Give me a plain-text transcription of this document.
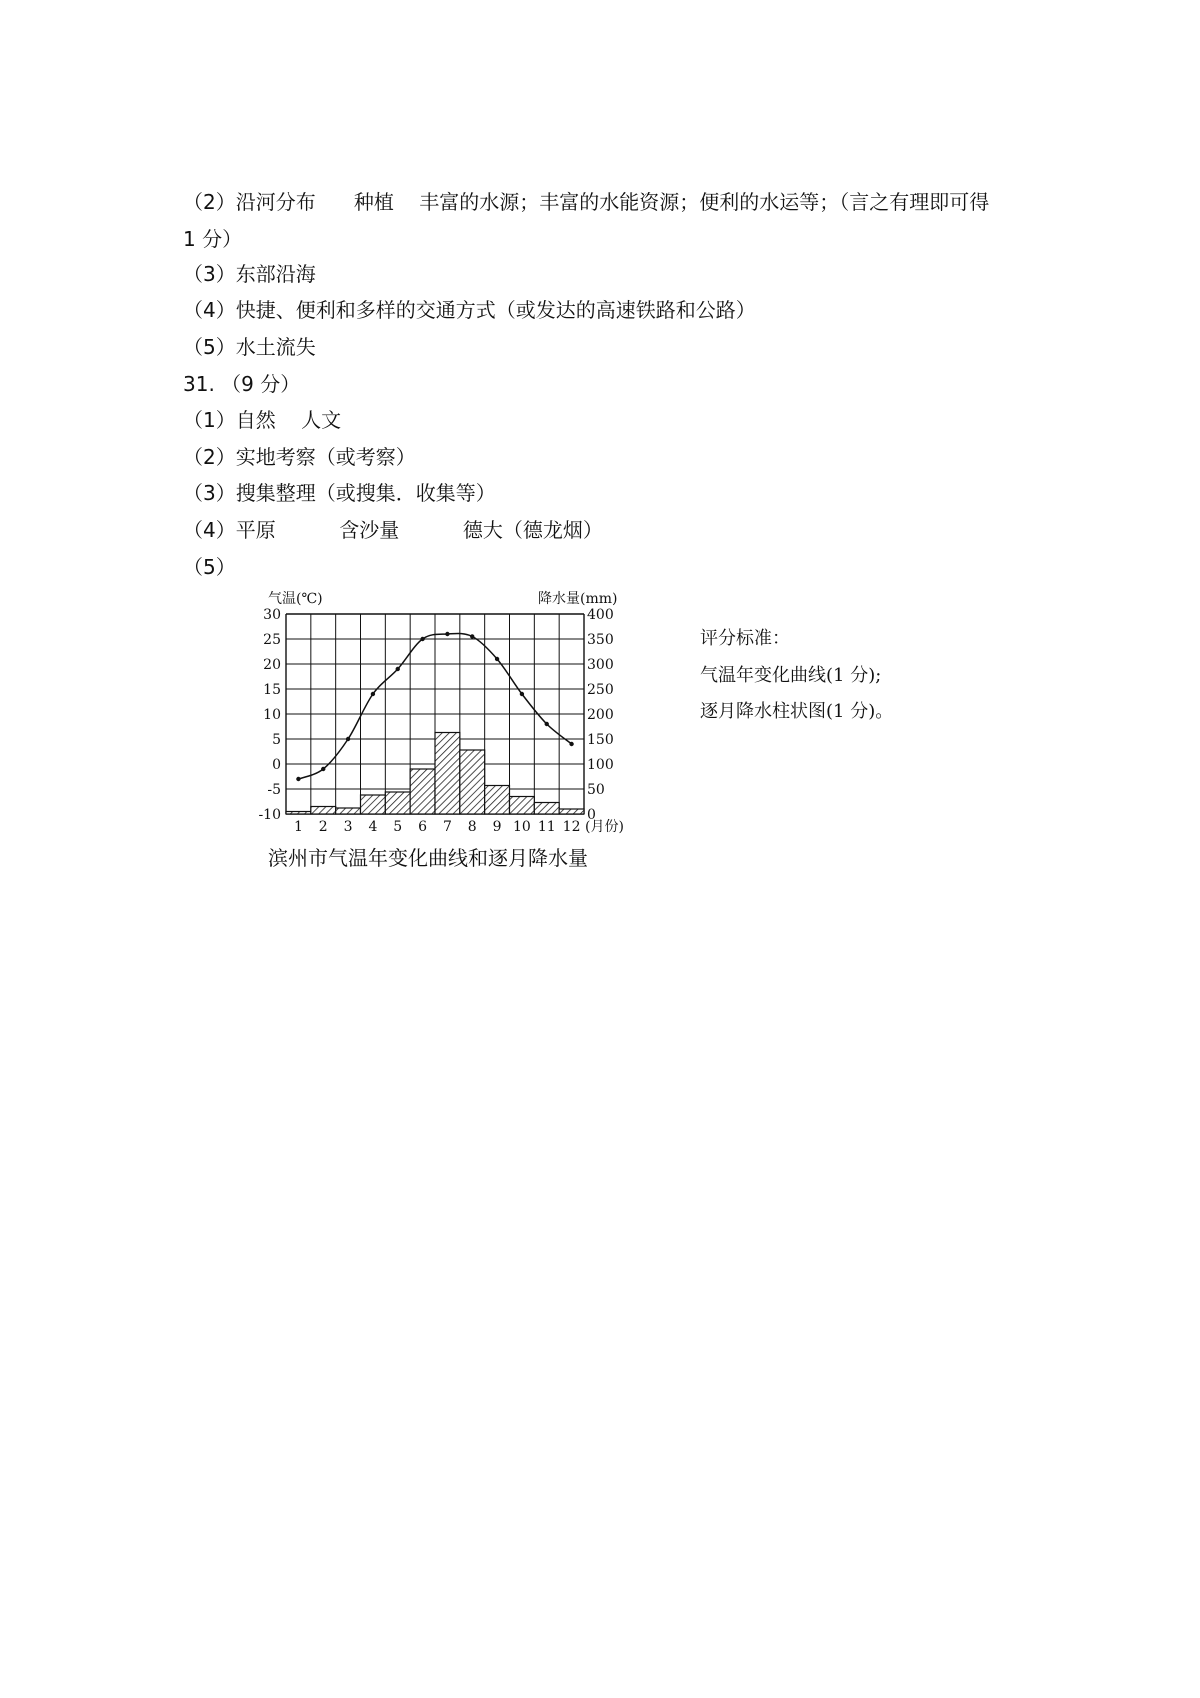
（2）沿河分布      种植    丰富的水源；丰富的水能资源；便利的水运等；（言之有理即可得
1 分）
（3）东部沿海
（4）快捷、便利和多样的交通方式（或发达的高速铁路和公路）
（5）水土流失
31. （9 分）
（1）自然    人文
（2）实地考察（或考察）
（3）搜集整理（或搜集．收集等）
（4）平原          含沙量          德大（德龙烟）
（5）
气温(℃)	降水量(mm)
30
25
20
15
10
5
0
-5
-10
400
350
300
250
200
150
100
50
0
1 2 3 4 5 6 7 8 9 10 11 12 (月份)
滨州市气温年变化曲线和逐月降水量
评分标准：
气温年变化曲线(1 分);
逐月降水柱状图(1 分)。
